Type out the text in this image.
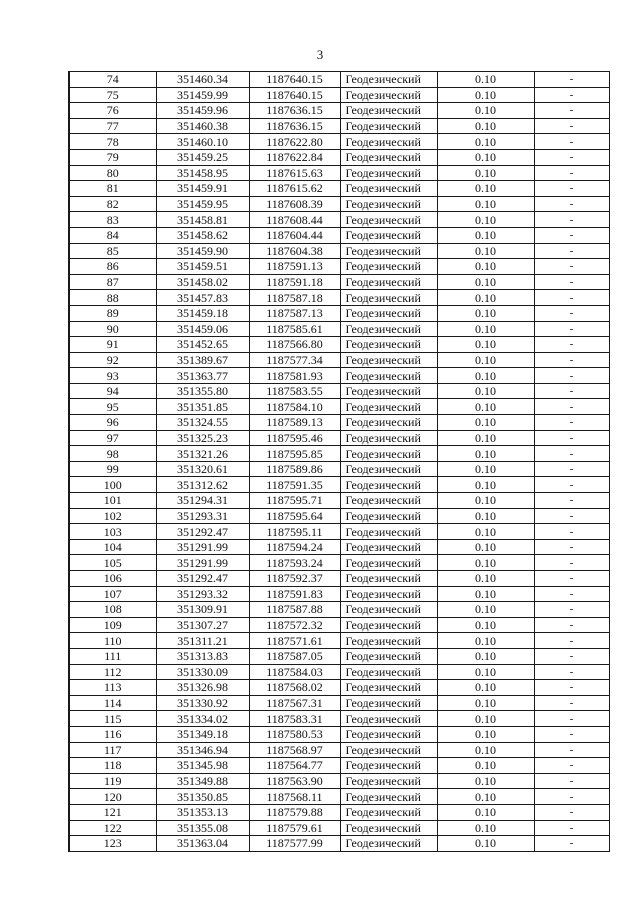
3
74	351460.34	1187640.15	Геодезический	0.10	-
75	351459.99	1187640.15	Геодезический	0.10	-
76	351459.96	1187636.15	Геодезический	0.10	-
77	351460.38	1187636.15	Геодезический	0.10	-
78	351460.10	1187622.80	Геодезический	0.10	-
79	351459.25	1187622.84	Геодезический	0.10	-
80	351458.95	1187615.63	Геодезический	0.10	-
81	351459.91	1187615.62	Геодезический	0.10	-
82	351459.95	1187608.39	Геодезический	0.10	-
83	351458.81	1187608.44	Геодезический	0.10	-
84	351458.62	1187604.44	Геодезический	0.10	-
85	351459.90	1187604.38	Геодезический	0.10	-
86	351459.51	1187591.13	Геодезический	0.10	-
87	351458.02	1187591.18	Геодезический	0.10	-
88	351457.83	1187587.18	Геодезический	0.10	-
89	351459.18	1187587.13	Геодезический	0.10	-
90	351459.06	1187585.61	Геодезический	0.10	-
91	351452.65	1187566.80	Геодезический	0.10	-
92	351389.67	1187577.34	Геодезический	0.10	-
93	351363.77	1187581.93	Геодезический	0.10	-
94	351355.80	1187583.55	Геодезический	0.10	-
95	351351.85	1187584.10	Геодезический	0.10	-
96	351324.55	1187589.13	Геодезический	0.10	-
97	351325.23	1187595.46	Геодезический	0.10	-
98	351321.26	1187595.85	Геодезический	0.10	-
99	351320.61	1187589.86	Геодезический	0.10	-
100	351312.62	1187591.35	Геодезический	0.10	-
101	351294.31	1187595.71	Геодезический	0.10	-
102	351293.31	1187595.64	Геодезический	0.10	-
103	351292.47	1187595.11	Геодезический	0.10	-
104	351291.99	1187594.24	Геодезический	0.10	-
105	351291.99	1187593.24	Геодезический	0.10	-
106	351292.47	1187592.37	Геодезический	0.10	-
107	351293.32	1187591.83	Геодезический	0.10	-
108	351309.91	1187587.88	Геодезический	0.10	-
109	351307.27	1187572.32	Геодезический	0.10	-
110	351311.21	1187571.61	Геодезический	0.10	-
111	351313.83	1187587.05	Геодезический	0.10	-
112	351330.09	1187584.03	Геодезический	0.10	-
113	351326.98	1187568.02	Геодезический	0.10	-
114	351330.92	1187567.31	Геодезический	0.10	-
115	351334.02	1187583.31	Геодезический	0.10	-
116	351349.18	1187580.53	Геодезический	0.10	-
117	351346.94	1187568.97	Геодезический	0.10	-
118	351345.98	1187564.77	Геодезический	0.10	-
119	351349.88	1187563.90	Геодезический	0.10	-
120	351350.85	1187568.11	Геодезический	0.10	-
121	351353.13	1187579.88	Геодезический	0.10	-
122	351355.08	1187579.61	Геодезический	0.10	-
123	351363.04	1187577.99	Геодезический	0.10	-
